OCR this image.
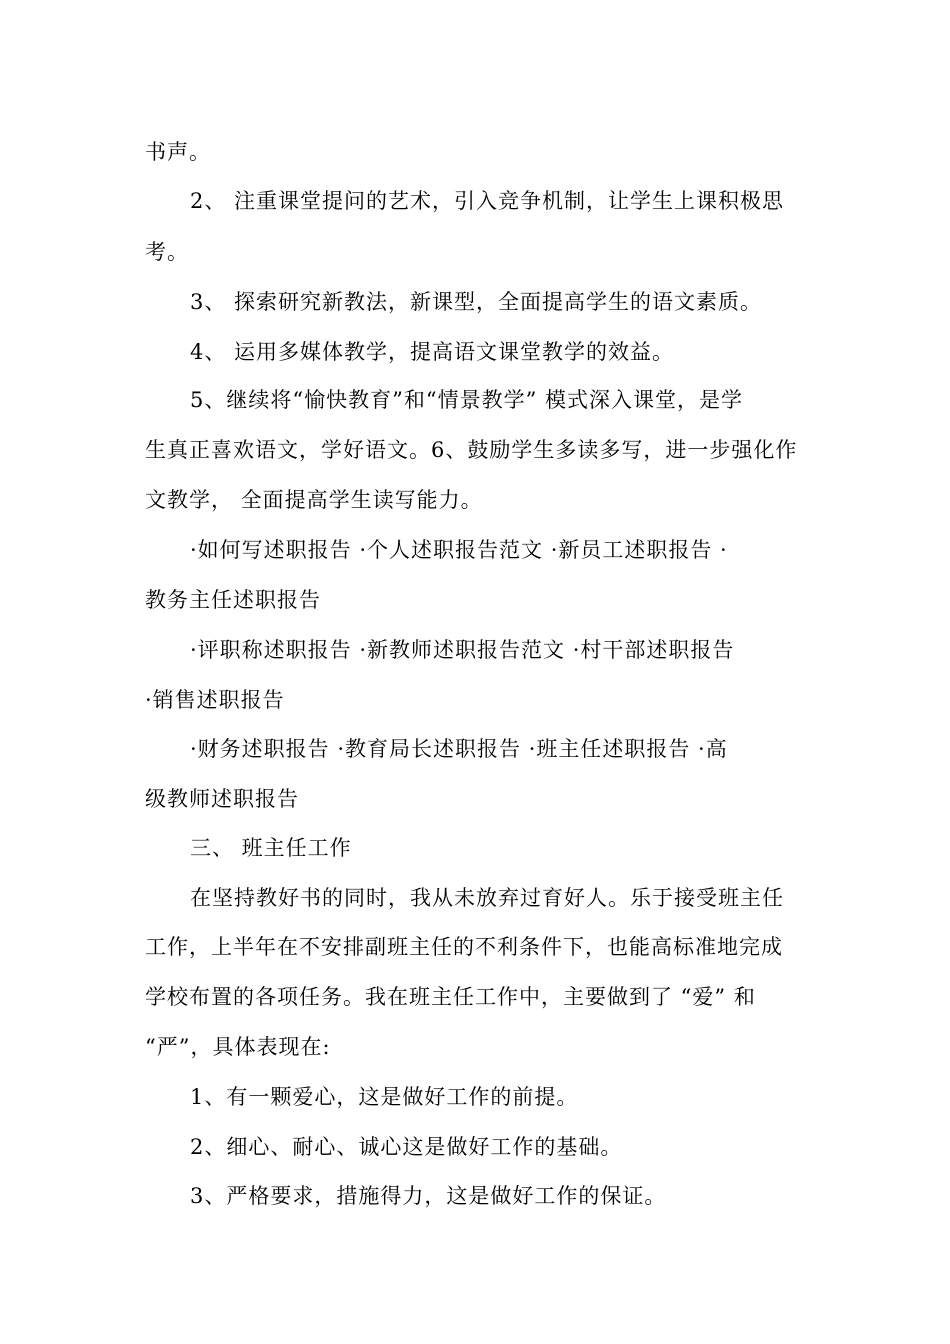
书声。
2、 注重课堂提问的艺术，引入竞争机制，让学生上课积极思
考。
3、 探索研究新教法，新课型，全面提高学生的语文素质。
4、 运用多媒体教学，提高语文课堂教学的效益。
5、继续将“愉快教育”和“情景教学” 模式深入课堂，是学
生真正喜欢语文，学好语文。6、鼓励学生多读多写，进一步强化作
文教学， 全面提高学生读写能力。
·如何写述职报告 ·个人述职报告范文 ·新员工述职报告 ·
教务主任述职报告
·评职称述职报告 ·新教师述职报告范文 ·村干部述职报告
·销售述职报告
·财务述职报告 ·教育局长述职报告 ·班主任述职报告 ·高
级教师述职报告
三、 班主任工作
在坚持教好书的同时，我从未放弃过育好人。乐于接受班主任
工作，上半年在不安排副班主任的不利条件下，也能高标准地完成
学校布置的各项任务。我在班主任工作中，主要做到了 “爱” 和
“严”，具体表现在:
1、有一颗爱心，这是做好工作的前提。
2、细心、耐心、诚心这是做好工作的基础。
3、严格要求，措施得力，这是做好工作的保证。
